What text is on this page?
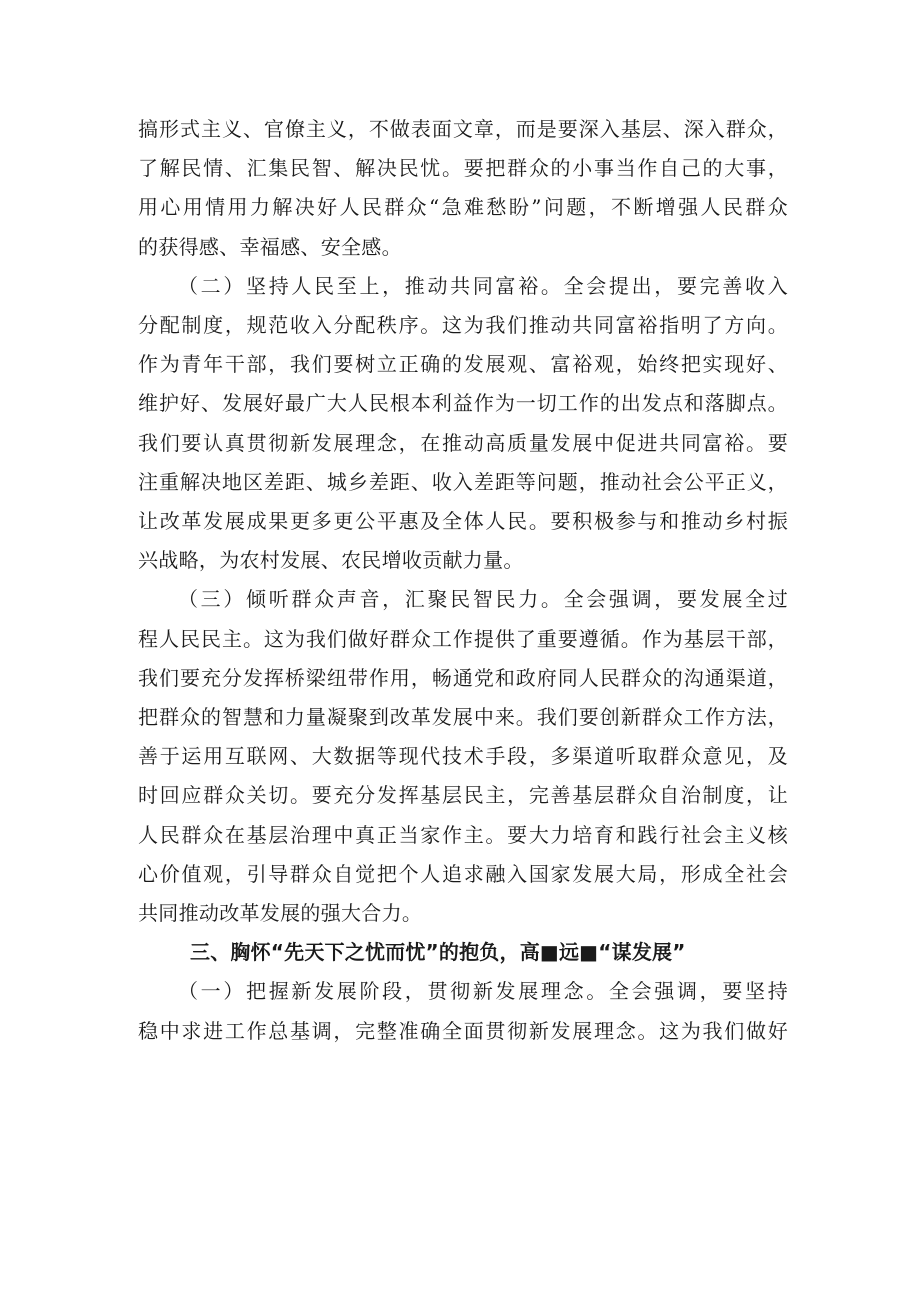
搞形式主义、官僚主义，不做表面文章，而是要深入基层、深入群众，
了解民情、汇集民智、解决民忧。要把群众的小事当作自己的大事，
用心用情用力解决好人民群众“急难愁盼”问题，不断增强人民群众
的获得感、幸福感、安全感。

（二）坚持人民至上，推动共同富裕。全会提出，要完善收入
分配制度，规范收入分配秩序。这为我们推动共同富裕指明了方向。
作为青年干部，我们要树立正确的发展观、富裕观，始终把实现好、
维护好、发展好最广大人民根本利益作为一切工作的出发点和落脚点。
我们要认真贯彻新发展理念，在推动高质量发展中促进共同富裕。要
注重解决地区差距、城乡差距、收入差距等问题，推动社会公平正义，
让改革发展成果更多更公平惠及全体人民。要积极参与和推动乡村振
兴战略，为农村发展、农民增收贡献力量。

（三）倾听群众声音，汇聚民智民力。全会强调，要发展全过
程人民民主。这为我们做好群众工作提供了重要遵循。作为基层干部，
我们要充分发挥桥梁纽带作用，畅通党和政府同人民群众的沟通渠道，
把群众的智慧和力量凝聚到改革发展中来。我们要创新群众工作方法，
善于运用互联网、大数据等现代技术手段，多渠道听取群众意见，及
时回应群众关切。要充分发挥基层民主，完善基层群众自治制度，让
人民群众在基层治理中真正当家作主。要大力培育和践行社会主义核
心价值观，引导群众自觉把个人追求融入国家发展大局，形成全社会
共同推动改革发展的强大合力。

三、胸怀“先天下之忧而忧”的抱负，高■远■“谋发展”

（一）把握新发展阶段，贯彻新发展理念。全会强调，要坚持
稳中求进工作总基调，完整准确全面贯彻新发展理念。这为我们做好
